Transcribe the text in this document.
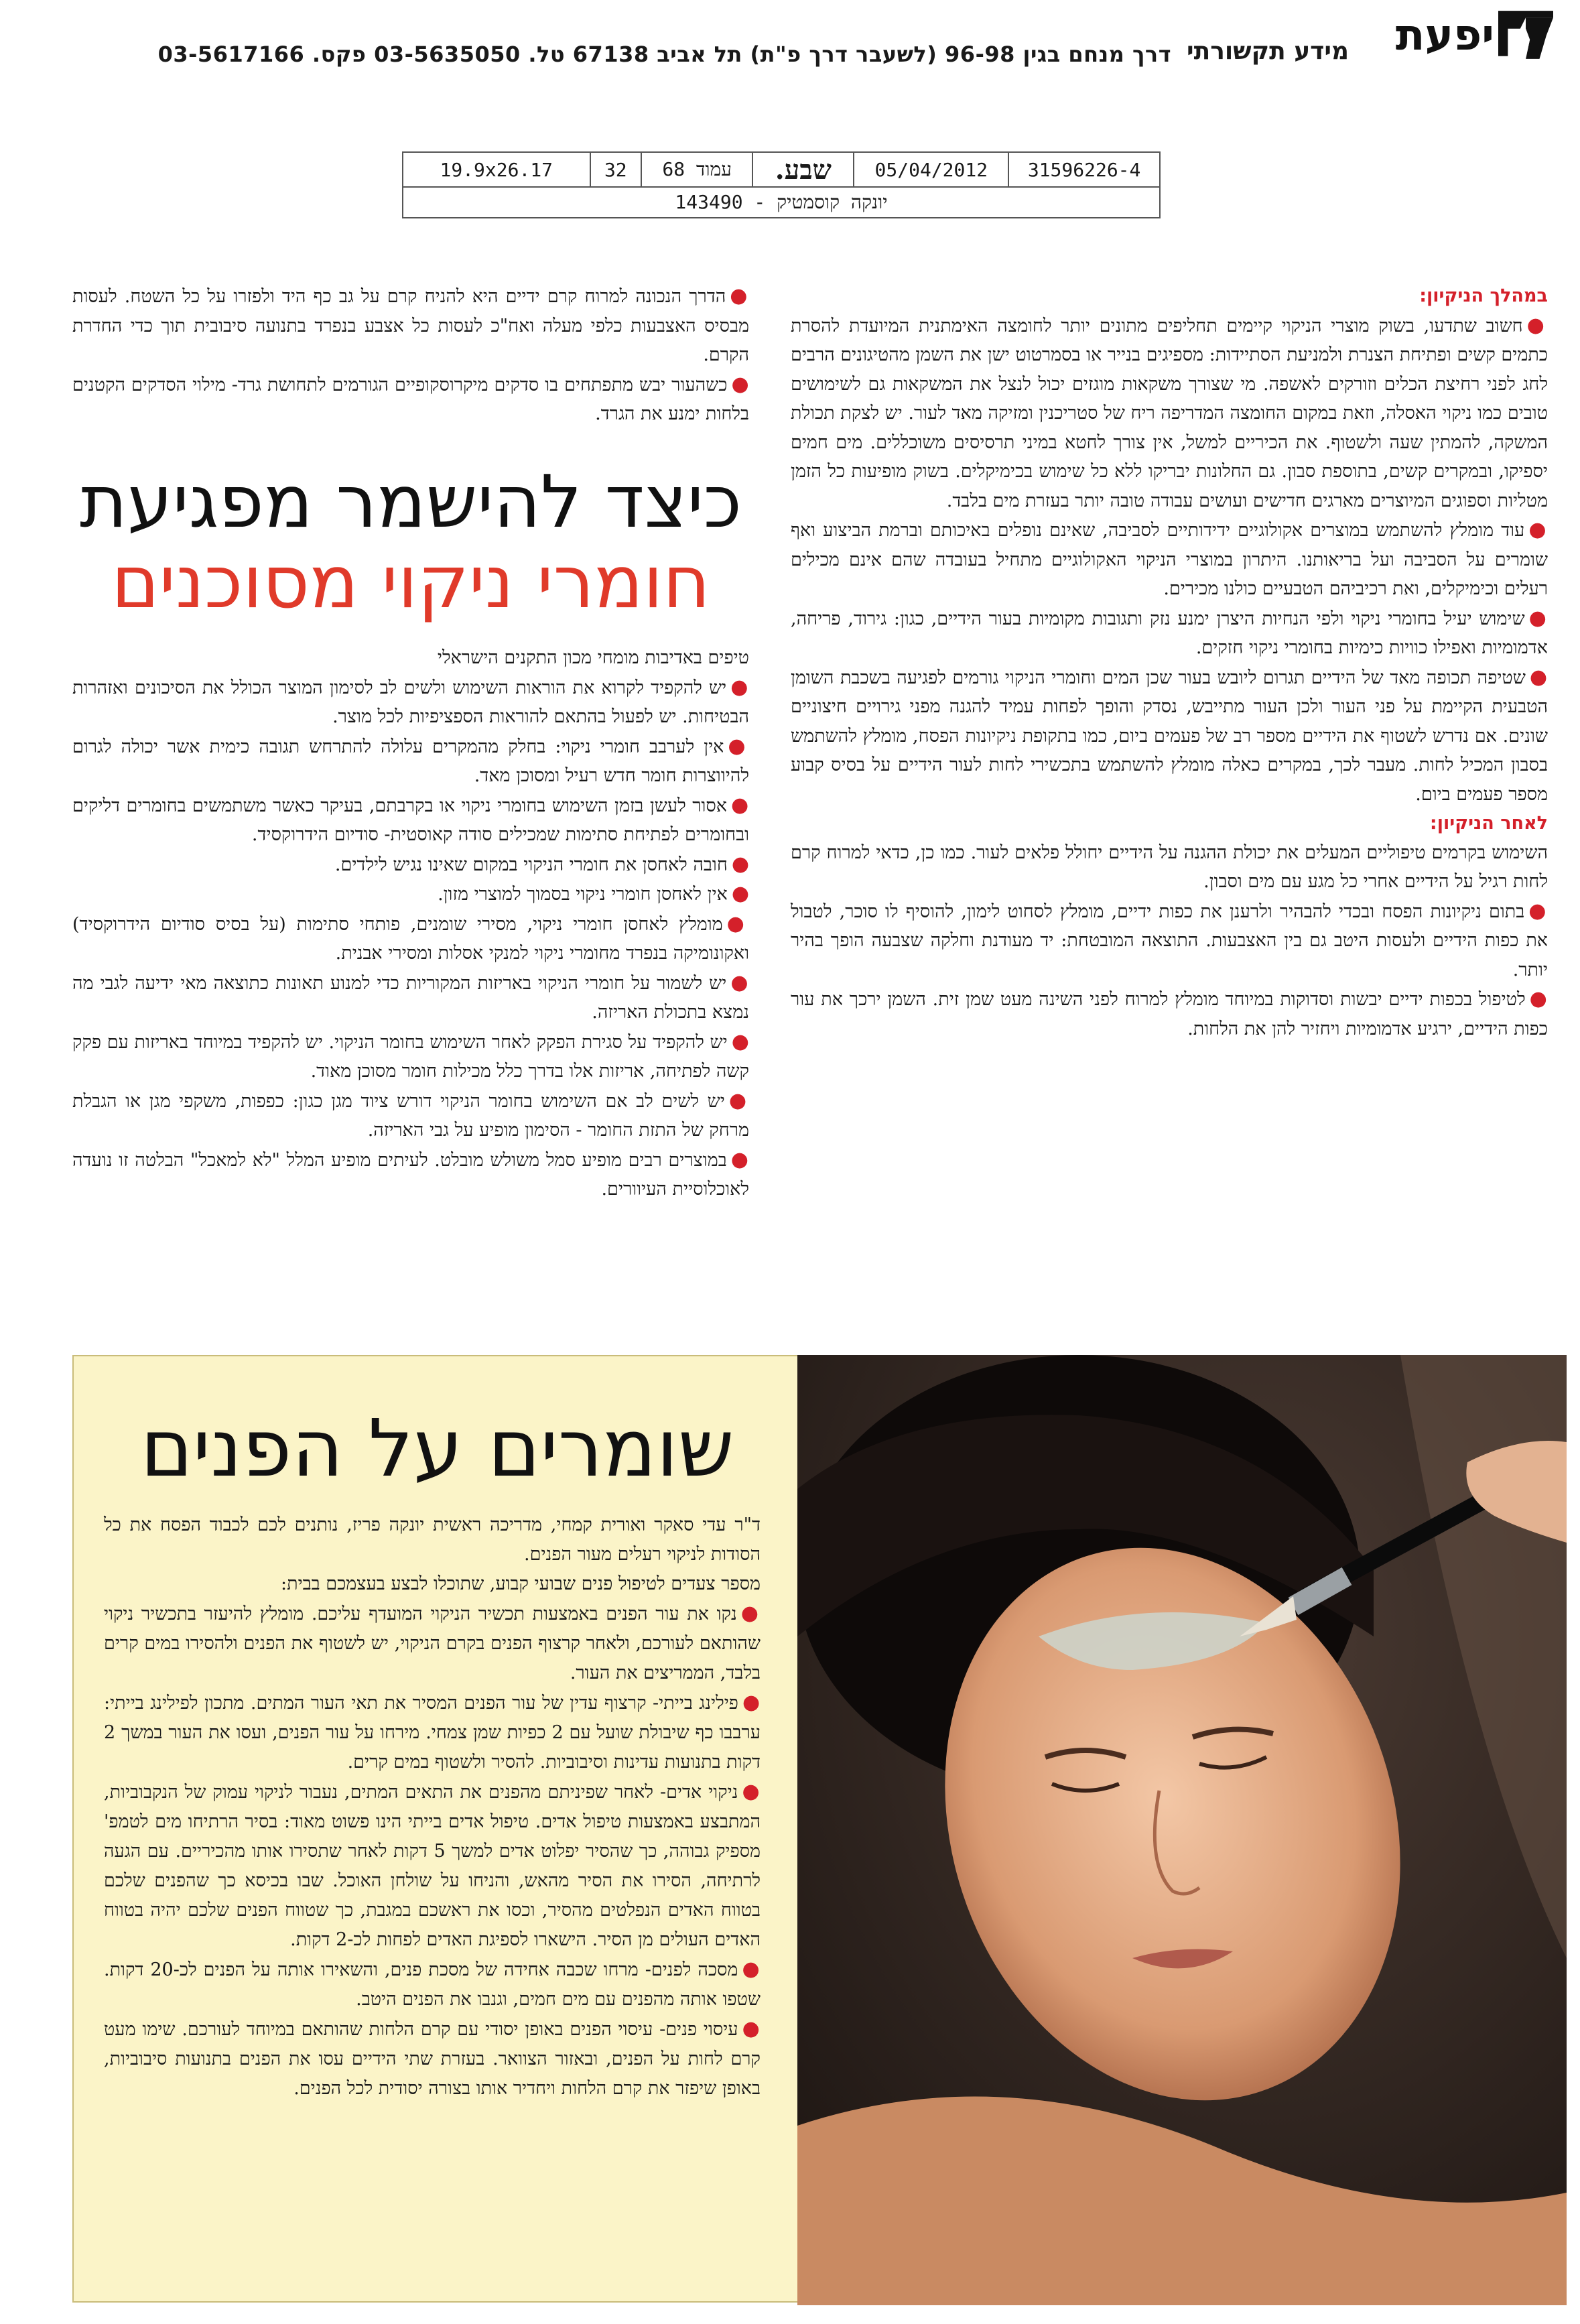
יפעת
מידע תקשורתי
דרך מנחם בגין 96-98 (לשעבר דרך פ"ת) תל אביב 67138 טל. 03-5635050 פקס. 03-5617166
31596226-4
05/04/2012
שבע.
עמוד 68
32
19.9x26.17
יונקה קוסמטיק - 143490

במהלך הניקיון:

●חשוב שתדעו, בשוק מוצרי הניקוי קיימים תחליפים מתונים יותר לחומצה האימתנית המיועדת להסרת כתמים קשים ופתיחת הצנרת ולמניעת הסתיידות: מספיגים בנייר או בסמרטוט ישן את השמן מהטיגונים הרבים לחג לפני רחיצת הכלים וזורקים לאשפה. מי שצורך משקאות מוגזים יכול לנצל את המשקאות גם לשימושים טובים כמו ניקוי האסלה, וזאת במקום החומצה המדריפה ריח של סטריכנין ומזיקה מאד לעור. יש לצקת תכולת המשקה, להמתין שעה ולשטוף. את הכיריים למשל, אין צורך לחטא במיני תרסיסים משוכללים. מים חמים יספיקו, ובמקרים קשים, בתוספת סבון. גם החלונות יבריקו ללא כל שימוש בכימיקלים. בשוק מופיעות כל הזמן מטליות וספוגים המיוצרים מארגים חדישים ועושים עבודה טובה יותר בעזרת מים בלבד.

●עוד מומלץ להשתמש במוצרים אקולוגיים ידידותיים לסביבה, שאינם נופלים באיכותם וברמת הביצוע ואף שומרים על הסביבה ועל בריאותנו. היתרון במוצרי הניקוי האקולוגיים מתחיל בעובדה שהם אינם מכילים רעלים וכימיקלים, ואת רכיביהם הטבעיים כולנו מכירים.

●שימוש יעיל בחומרי ניקוי ולפי הנחיות היצרן ימנע נזק ותגובות מקומיות בעור הידיים, כגון: גירוד, פריחה, אדמומיות ואפילו כוויות כימיות בחומרי ניקוי חזקים.

●שטיפה תכופה מאד של הידיים תגרום ליובש בעור שכן המים וחומרי הניקוי גורמים לפגיעה בשכבת השומן הטבעית הקיימת על פני העור ולכן העור מתייבש, נסדק והופך לפחות עמיד להגנה מפני גירויים חיצוניים שונים. אם נדרש לשטוף את הידיים מספר רב של פעמים ביום, כמו בתקופת ניקיונות הפסח, מומלץ להשתמש בסבון המכיל לחות. מעבר לכך, במקרים כאלה מומלץ להשתמש בתכשירי לחות לעור הידיים על בסיס קבוע מספר פעמים ביום.

לאחר הניקיון:

השימוש בקרמים טיפוליים המעלים את יכולת ההגנה על הידיים יחולל פלאים לעור. כמו כן, כדאי למרוח קרם לחות רגיל על הידיים אחרי כל מגע עם מים וסבון.

●בתום ניקיונות הפסח ובכדי להבהיר ולרענן את כפות ידיים, מומלץ לסחוט לימון, להוסיף לו סוכר, לטבול את כפות הידיים ולעסות היטב גם בין האצבעות. התוצאה המובטחת: יד מעודנת וחלקה שצבעה הופך בהיר יותר.

●לטיפול בכפות ידיים יבשות וסדוקות במיוחד מומלץ למרוח לפני השינה מעט שמן זית. השמן ירכך את עור כפות הידיים, ירגיע אדמומיות ויחזיר להן את הלחות.

●הדרך הנכונה למרוח קרם ידיים היא להניח קרם על גב כף היד ולפזרו על כל השטח. לעסות מבסיס האצבעות כלפי מעלה ואח"כ לעסות כל אצבע בנפרד בתנועה סיבובית תוך כדי החדרת הקרם.

●כשהעור יבש מתפתחים בו סדקים מיקרוסקופיים הגורמים לתחושת גרד- מילוי הסדקים הקטנים בלחות ימנע את הגרד.

כיצד להישמר מפגיעת
חומרי ניקוי מסוכנים

טיפים באדיבות מומחי מכון התקנים הישראלי

●יש להקפיד לקרוא את הוראות השימוש ולשים לב לסימון המוצר הכולל את הסיכונים ואזהרות הבטיחות. יש לפעול בהתאם להוראות הספציפיות לכל מוצר.

●אין לערבב חומרי ניקוי: בחלק מהמקרים עלולה להתרחש תגובה כימית אשר יכולה לגרום להיווצרות חומר חדש רעיל ומסוכן מאד.

●אסור לעשן בזמן השימוש בחומרי ניקוי או בקרבתם, בעיקר כאשר משתמשים בחומרים דליקים ובחומרים לפתיחת סתימות שמכילים סודה קאוסטית- סודיום הידרוקסיד.

●חובה לאחסן את חומרי הניקוי במקום שאינו נגיש לילדים.

●אין לאחסן חומרי ניקוי בסמוך למוצרי מזון.

●מומלץ לאחסן חומרי ניקוי, מסירי שומנים, פותחי סתימות (על בסיס סודיום הידרוקסיד) ואקונומיקה בנפרד מחומרי ניקוי למנקי אסלות ומסירי אבנית.

●יש לשמור על חומרי הניקוי באריזות המקוריות כדי למנוע תאונות כתוצאה מאי ידיעה לגבי מה נמצא בתכולת האריזה.

●יש להקפיד על סגירת הפקק לאחר השימוש בחומר הניקוי. יש להקפיד במיוחד באריזות עם פקק קשה לפתיחה, אריזות אלו בדרך כלל מכילות חומר מסוכן מאוד.

●יש לשים לב אם השימוש בחומר הניקוי דורש ציוד מגן כגון: כפפות, משקפי מגן או הגבלת מרחק של התזת החומר - הסימון מופיע על גבי האריזה.

●במוצרים רבים מופיע סמל משולש מובלט. לעיתים מופיע המלל "לא למאכל" הבלטה זו נועדה לאוכלוסיית העיוורים.

שומרים על הפנים

ד"ר עדי סאקר ואורית קמחי, מדריכה ראשית יונקה פריז, נותנים לכם לכבוד הפסח את כל הסודות לניקוי רעלים מעור הפנים.

מספר צעדים לטיפול פנים שבועי קבוע, שתוכלו לבצע בעצמכם בבית:

●נקו את עור הפנים באמצעות תכשיר הניקוי המועדף עליכם. מומלץ להיעזר בתכשיר ניקוי שהותאם לעורכם, ולאחר קרצוף הפנים בקרם הניקוי, יש לשטוף את הפנים ולהסירו במים קרים בלבד, הממריצים את העור.

●פילינג בייתי- קרצוף עדין של עור הפנים המסיר את תאי העור המתים. מתכון לפילינג בייתי: ערבבו כף שיבולת שועל עם 2 כפיות שמן צמחי. מירחו על עור הפנים, ועסו את העור במשך 2 דקות בתנועות עדינות וסיבוביות. להסיר ולשטוף במים קרים.

●ניקוי אדים- לאחר שפיניתם מהפנים את התאים המתים, נעבור לניקוי עמוק של הנקבוביות, המתבצע באמצעות טיפול אדים. טיפול אדים בייתי הינו פשוט מאוד: בסיר הרתיחו מים לטמפ' מספיק גבוהה, כך שהסיר יפלוט אדים למשך 5 דקות לאחר שתסירו אותו מהכיריים. עם הגעה לרתיחה, הסירו את הסיר מהאש, והניחו על שולחן האוכל. שבו בכיסא כך שהפנים שלכם בטווח האדים הנפלטים מהסיר, וכסו את ראשכם במגבת, כך שטווח הפנים שלכם יהיה בטווח האדים העולים מן הסיר. הישארו לספיגת האדים לפחות לכ-2 דקות.

●מסכה לפנים- מרחו שכבה אחידה של מסכת פנים, והשאירו אותה על הפנים לכ-20 דקות. שטפו אותה מהפנים עם מים חמים, וגנבו את הפנים היטב.

●עיסוי פנים- עיסוי הפנים באופן יסודי עם קרם הלחות שהותאם במיוחד לעורכם. שימו מעט קרם לחות על הפנים, ובאזור הצוואר. בעזרת שתי הידיים עסו את הפנים בתנועות סיבוביות, באופן שיפזר את קרם הלחות ויחדיר אותו בצורה יסודית לכל הפנים.
